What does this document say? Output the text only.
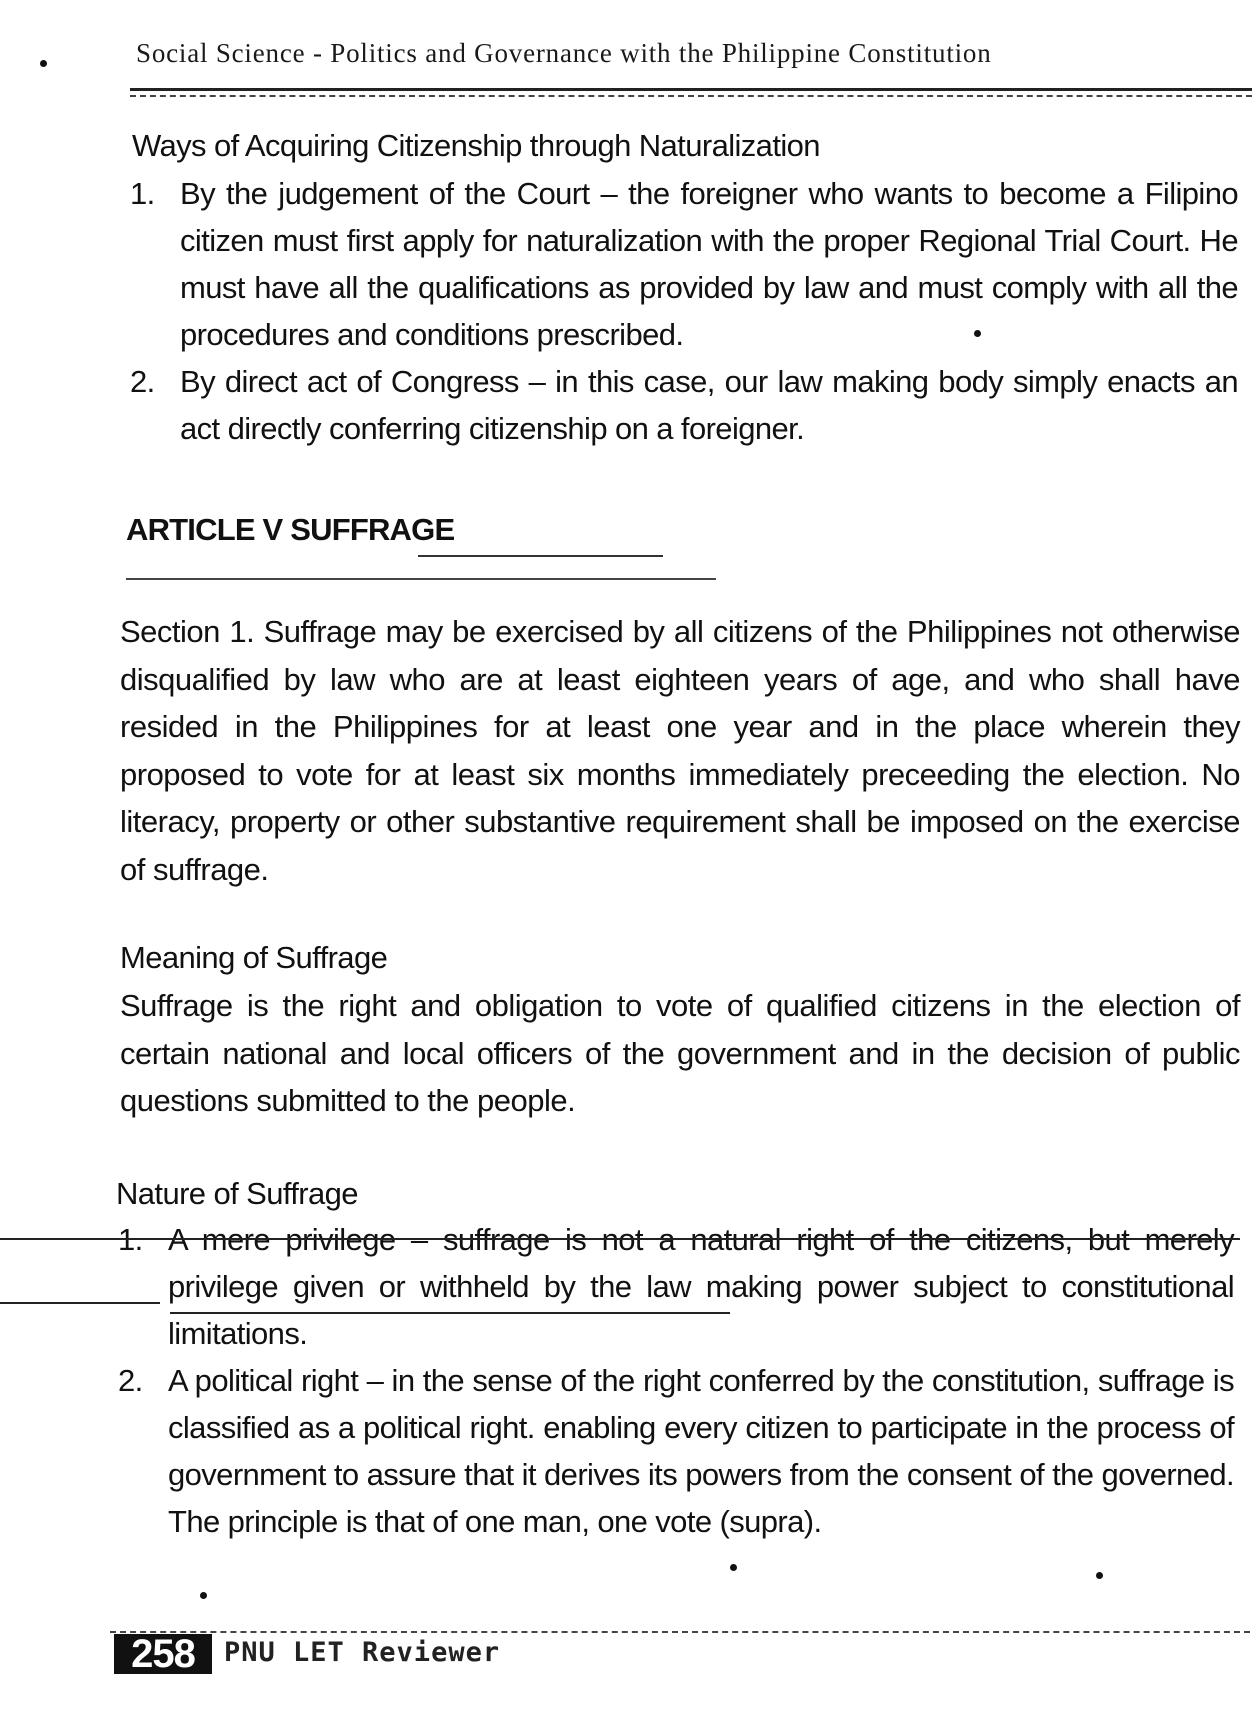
Social Science - Politics and Governance with the Philippine Constitution
Ways of Acquiring Citizenship through Naturalization
1. By the judgement of the Court – the foreigner who wants to become a Filipino citizen must first apply for naturalization with the proper Regional Trial Court. He must have all the qualifications as provided by law and must comply with all the procedures and conditions prescribed.
2. By direct act of Congress – in this case, our law making body simply enacts an act directly conferring citizenship on a foreigner.
ARTICLE V SUFFRAGE
Section 1. Suffrage may be exercised by all citizens of the Philippines not otherwise disqualified by law who are at least eighteen years of age, and who shall have resided in the Philippines for at least one year and in the place wherein they proposed to vote for at least six months immediately preceeding the election. No literacy, property or other substantive requirement shall be imposed on the exercise of suffrage.
Meaning of Suffrage
Suffrage is the right and obligation to vote of qualified citizens in the election of certain national and local officers of the government and in the decision of public questions submitted to the people.
Nature of Suffrage
1. A mere privilege – suffrage is not a natural right of the citizens, but merely privilege given or withheld by the law making power subject to constitutional limitations.
2. A political right – in the sense of the right conferred by the constitution, suffrage is classified as a political right. enabling every citizen to participate in the process of government to assure that it derives its powers from the consent of the governed. The principle is that of one man, one vote (supra).
258	PNU LET Reviewer
